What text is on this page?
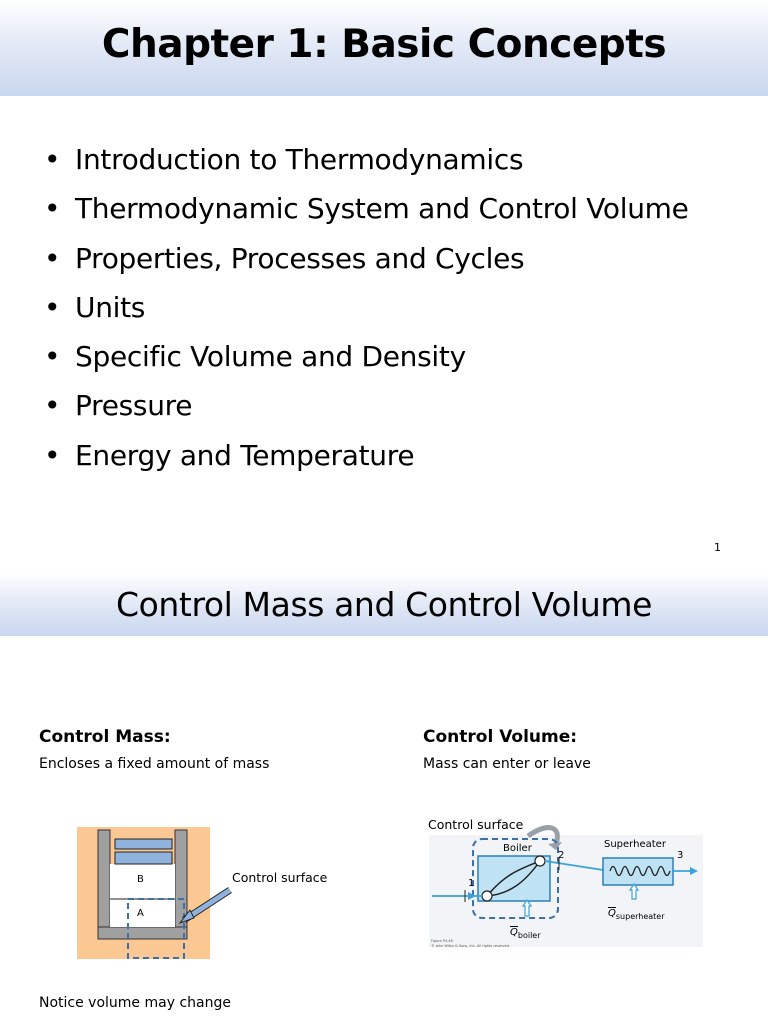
Chapter 1: Basic Concepts
• Introduction to Thermodynamics
• Thermodynamic System and Control Volume
• Properties, Processes and Cycles
• Units
• Specific Volume and Density
• Pressure
• Energy and Temperature
1
Control Mass and Control Volume
Control Mass:
Encloses a fixed amount of mass
B
A
Control surface
Notice volume may change
Control Volume:
Mass can enter or leave
Control surface
Boiler	Superheater
1
2	3
$\overline{Q}_{boiler}$
$\overline{Q}_{superheater}$
Figure P4.46
© John Wiley & Sons, Inc. All rights reserved.
